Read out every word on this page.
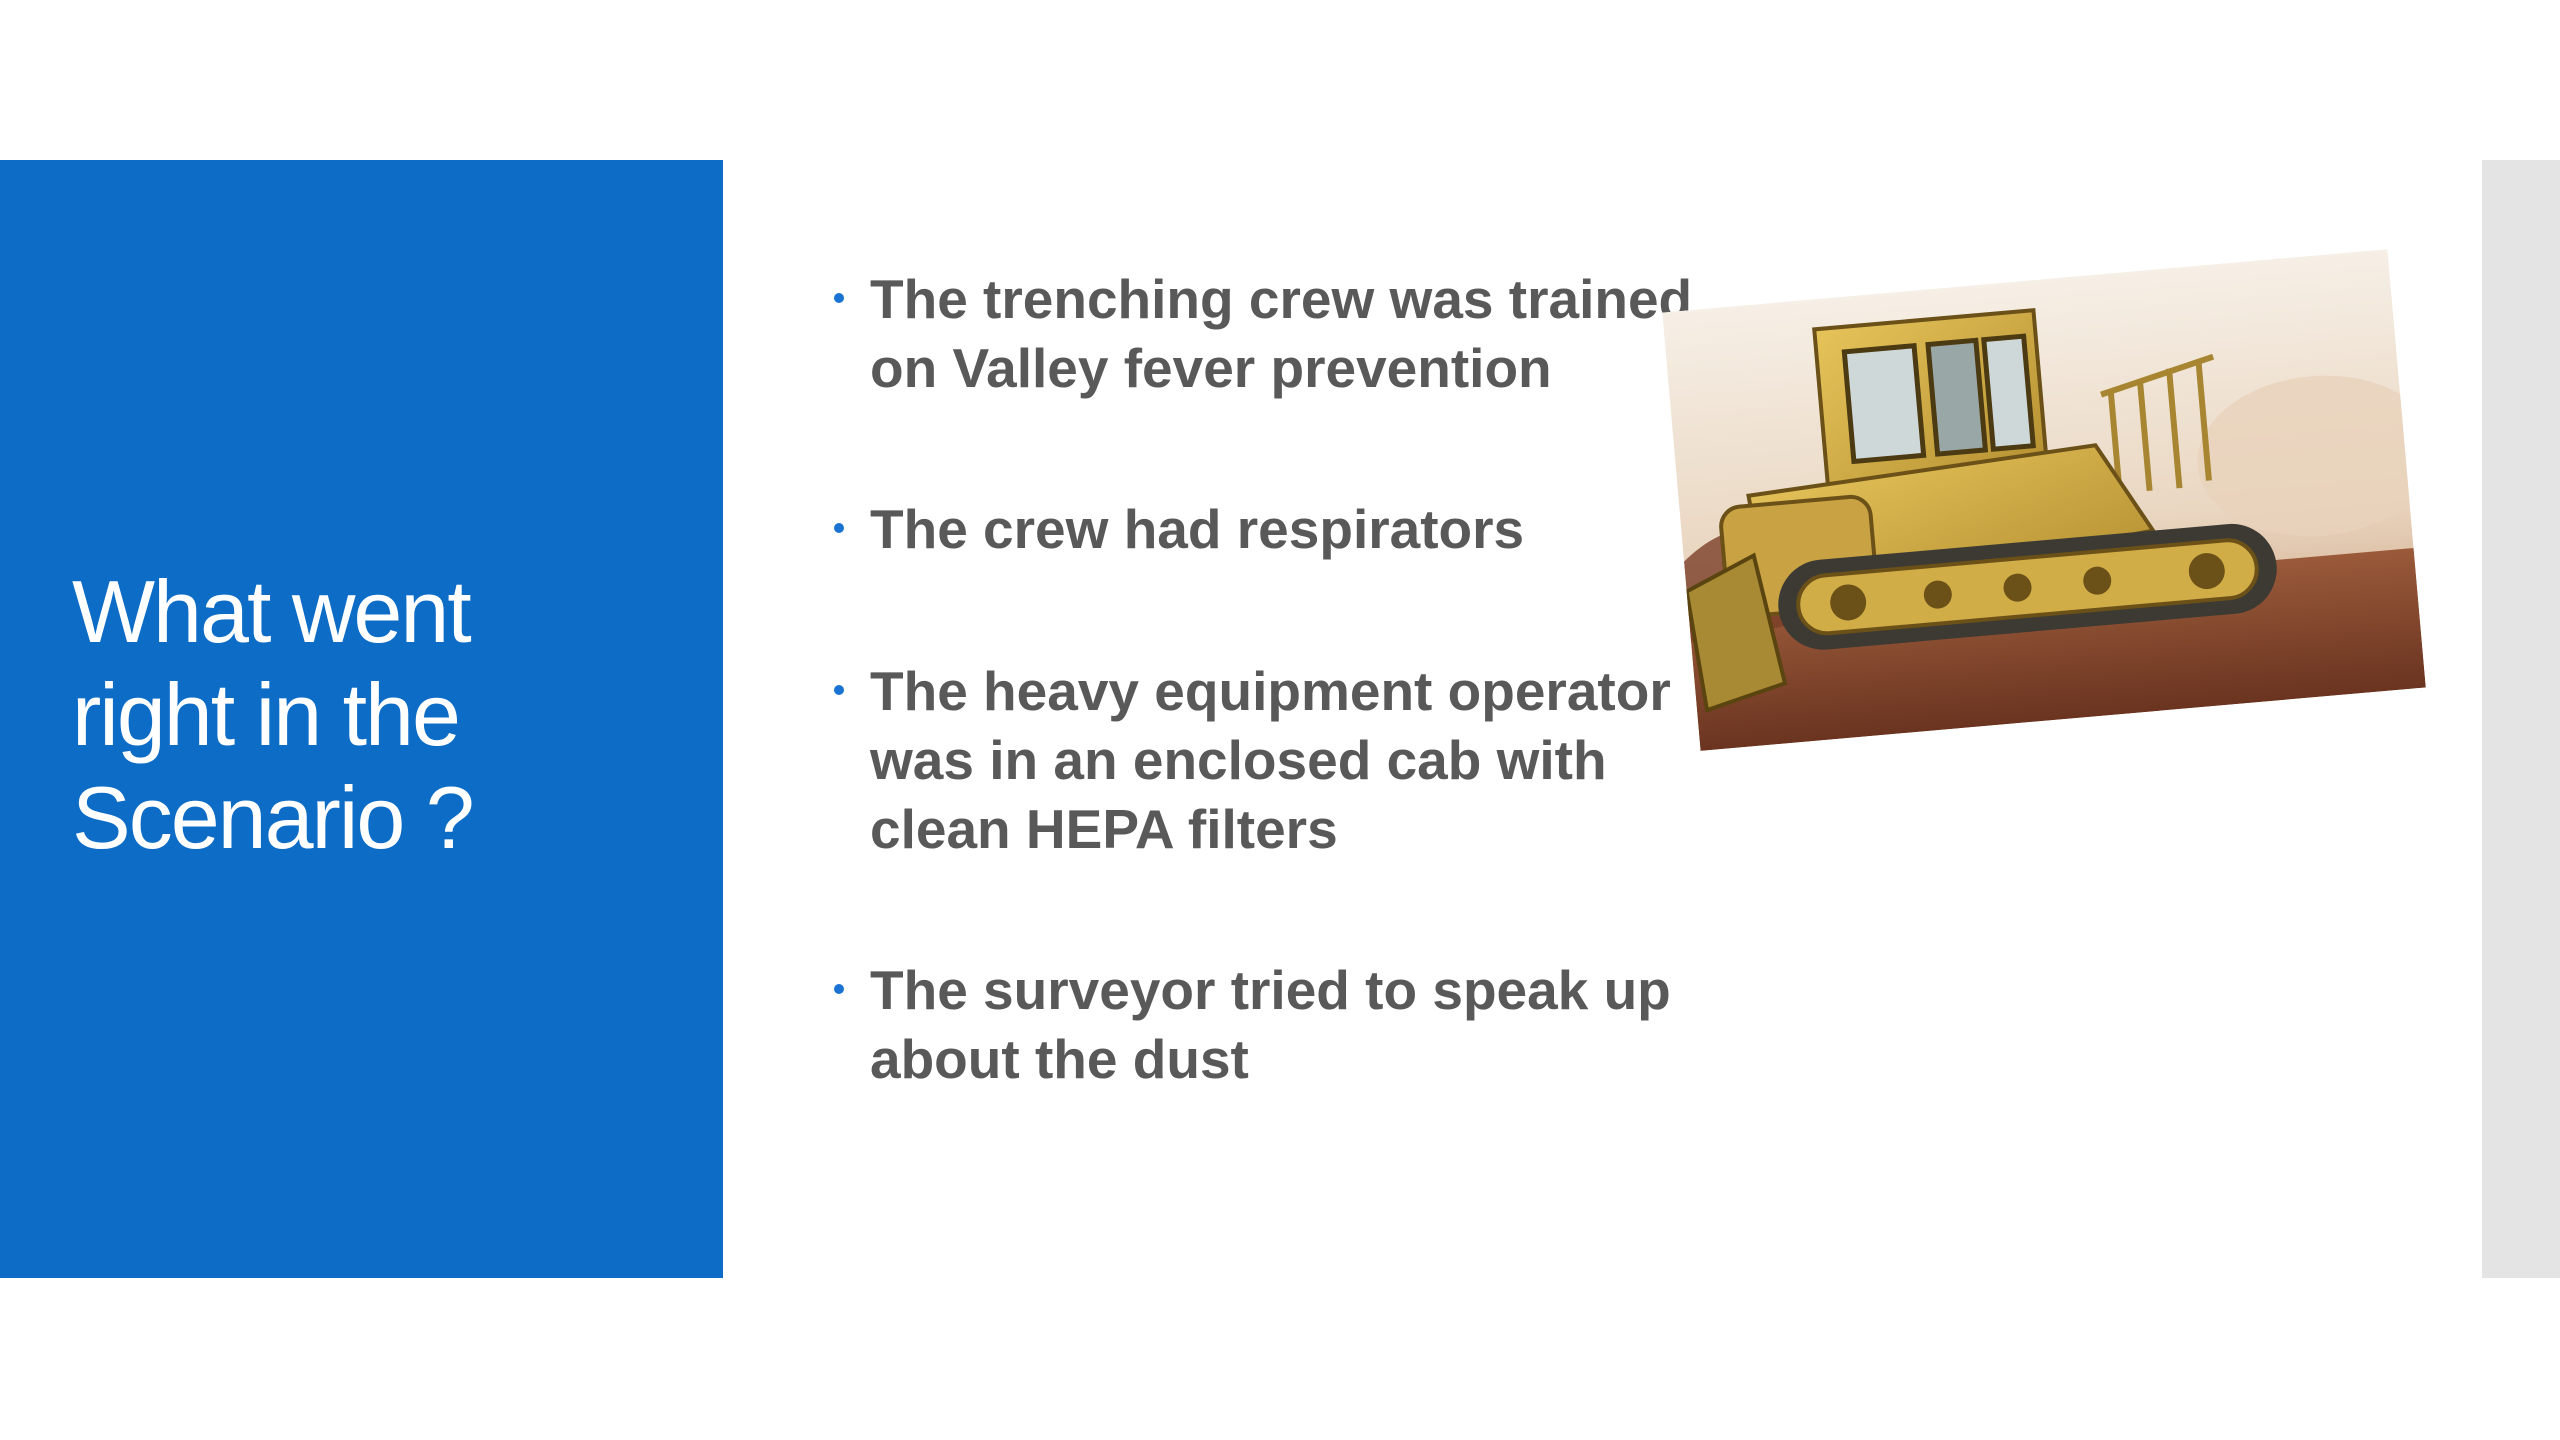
What went
right in the
Scenario ?
The trenching crew was trained on Valley fever prevention
The crew had respirators
The heavy equipment operator was in an enclosed cab with clean HEPA filters
The surveyor tried to speak up about the dust
